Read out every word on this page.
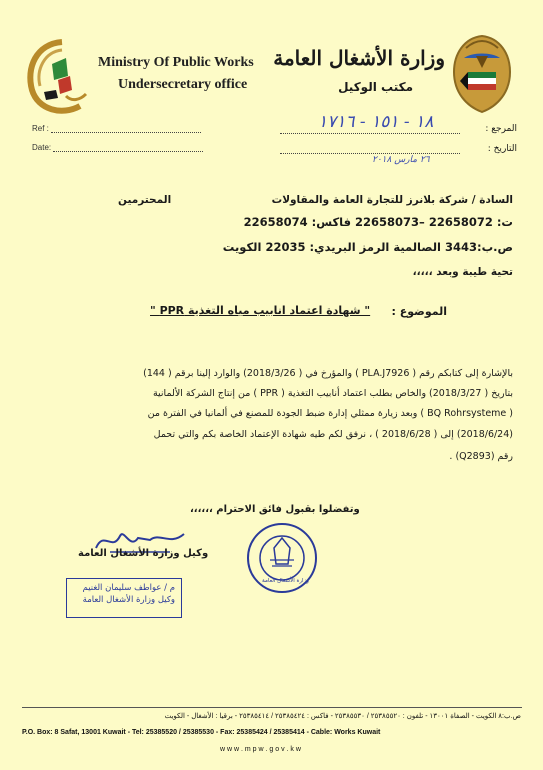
Ministry Of Public Works
Undersecretary office
وزارة الأشغال العامة
مكتب الوكيل
Ref :
Date:
المرجع :
١٨ - ١٥١ - ١٧١٦
التاريخ :
٢٦ مارس ٢٠١٨
السادة / شركة بلانرز للتجارة العامة والمقاولات
المحترمين
ت: 22658072 –22658073 فاكس: 22658074
ص.ب:3443 الصالمية الرمز البريدي: 22035 الكويت
تحية طيبة وبعد ،،،،،
الموضوع :
" شهادة اعتماد انابيب مياه التغذية PPR "
بالإشارة إلى كتابكم رقم ( PLA.J7926 ) والمؤرخ في ( 2018/3/26) والوارد إلينا برقم ( 144)
بتاريخ ( 2018/3/27) والخاص بطلب اعتماد أنابيب التغذية ( PPR ) من إنتاج الشركة الألمانية
( BQ Rohrsysteme ) وبعد زيارة ممثلي إدارة ضبط الجودة للمصنع في ألمانيا في الفترة من
(2018/6/24) إلى ( 2018/6/28 ) ، نرفق لكم طيه شهادة الإعتماد الخاصة بكم والتي تحمل
رقم (Q2893) .
وتفضلوا بقبول فائق الاحترام ،،،،،،
وكيل وزارة الأشغال العامة
وزارة الأشغال العامة
م / عواطف سليمان الغنيم
وكيل وزارة الأشغال العامة
ص.ب:٨ الكويت - الصفاة ١٣٠٠١ - تلفون : ٢٥٣٨٥٥٢٠ / ٢٥٣٨٥٥٣٠ - فاكس : ٢٥٣٨٥٤٢٤ / ٢٥٣٨٥٤١٤ - برقيا : الأشغال - الكويت
P.O. Box: 8 Safat, 13001 Kuwait - Tel: 25385520 / 25385530 - Fax: 25385424 / 25385414 - Cable: Works Kuwait
w w w . m p w . g o v . k w
